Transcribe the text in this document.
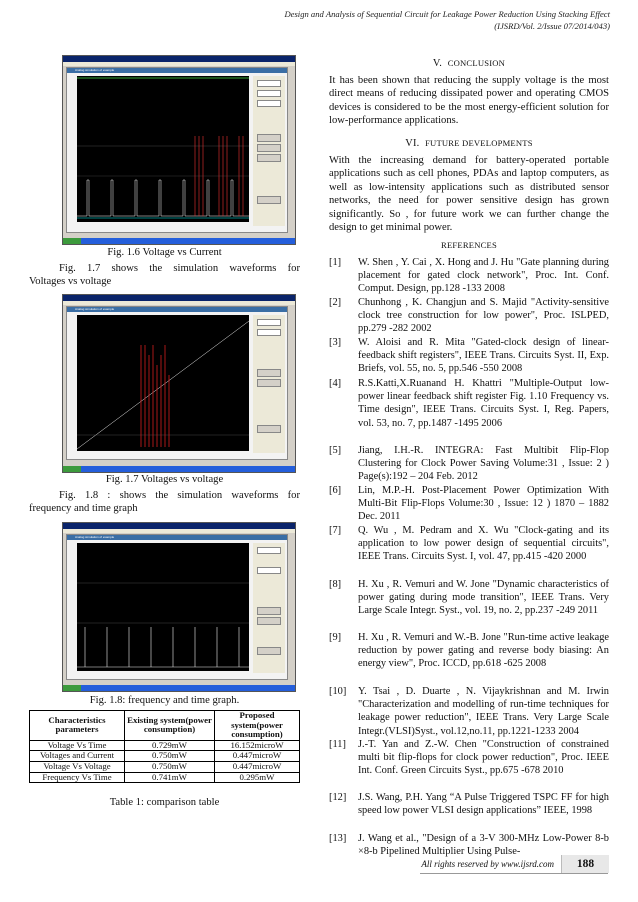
Design and Analysis of Sequential Circuit for Leakage Power Reduction Using Stacking Effect
(IJSRD/Vol. 2/Issue 07/2014/043)
Analog simulation of example
Fig. 1.6 Voltage vs Current
Fig. 1.7 shows the simulation waveforms for
Voltages vs voltage
Analog simulation of example
Fig. 1.7 Voltages vs voltage
Fig. 1.8 : shows the simulation waveforms for
frequency and time graph
Analog simulation of example
Fig. 1.8: frequency and time graph.
Characteristics parameters	Existing system(power consumption)	Proposed system(power consumption)
Voltage Vs Time	0.729mW	16.152microW
Voltages and Current	0.750mW	0.447microW
Voltage Vs Voltage	0.750mW	0.447microW
Frequency Vs Time	0.741mW	0.295mW
Table 1: comparison table
V. CONCLUSION
It has been shown that reducing the supply voltage is the most direct means of reducing dissipated power and operating CMOS devices is considered to be the most energy-efficient solution for low-performance applications.
VI. FUTURE DEVELOPMENTS
With the increasing demand for battery-operated portable applications such as cell phones, PDAs and laptop computers, as well as low-intensity applications such as distributed sensor networks, the need for power sensitive design has grown significantly. So , for future work we can further change the design to get minimal power.
REFERENCES
[1] W. Shen , Y. Cai , X. Hong and J. Hu "Gate planning during placement for gated clock network", Proc. Int. Conf. Comput. Design, pp.128 -133 2008
[2] Chunhong , K. Changjun and S. Majid "Activity-sensitive clock tree construction for low power", Proc. ISLPED, pp.279 -282 2002
[3] W. Aloisi and R. Mita "Gated-clock design of linear-feedback shift registers", IEEE Trans. Circuits Syst. II, Exp. Briefs, vol. 55, no. 5, pp.546 -550 2008
[4] R.S.Katti,X.Ruanand H. Khattri "Multiple-Output low-power linear feedback shift register Fig. 1.10 Frequency vs. Time design", IEEE Trans. Circuits Syst. I, Reg. Papers, vol. 53, no. 7, pp.1487 -1495 2006
[5] Jiang, I.H.-R. INTEGRA: Fast Multibit Flip-Flop Clustering for Clock Power Saving Volume:31 , Issue: 2 ) Page(s):192 – 204 Feb. 2012
[6] Lin, M.P.-H. Post-Placement Power Optimization With Multi-Bit Flip-Flops Volume:30 , Issue: 12 ) 1870 – 1882 Dec. 2011
[7] Q. Wu , M. Pedram and X. Wu "Clock-gating and its application to low power design of sequential circuits", IEEE Trans. Circuits Syst. I, vol. 47, pp.415 -420 2000
[8] H. Xu , R. Vemuri and W. Jone "Dynamic characteristics of power gating during mode transition", IEEE Trans. Very Large Scale Integr. Syst., vol. 19, no. 2, pp.237 -249 2011
[9] H. Xu , R. Vemuri and W.-B. Jone "Run-time active leakage reduction by power gating and reverse body biasing: An energy view", Proc. ICCD, pp.618 -625 2008
[10] Y. Tsai , D. Duarte , N. Vijaykrishnan and M. Irwin "Characterization and modelling of run-time techniques for leakage power reduction", IEEE Trans. Very Large Scale Integr.(VLSI)Syst., vol.12,no.11, pp.1221-1233 2004
[11] J.-T. Yan and Z.-W. Chen "Construction of constrained multi bit flip-flops for clock power reduction", Proc. IEEE Int. Conf. Green Circuits Syst., pp.675 -678 2010
[12] J.S. Wang, P.H. Yang “A Pulse Triggered TSPC FF for high speed low power VLSI design applications” IEEE, 1998
[13] J. Wang et al., "Design of a 3-V 300-MHz Low-Power 8-b ×8-b Pipelined Multiplier Using Pulse-
All rights reserved by www.ijsrd.com	188
